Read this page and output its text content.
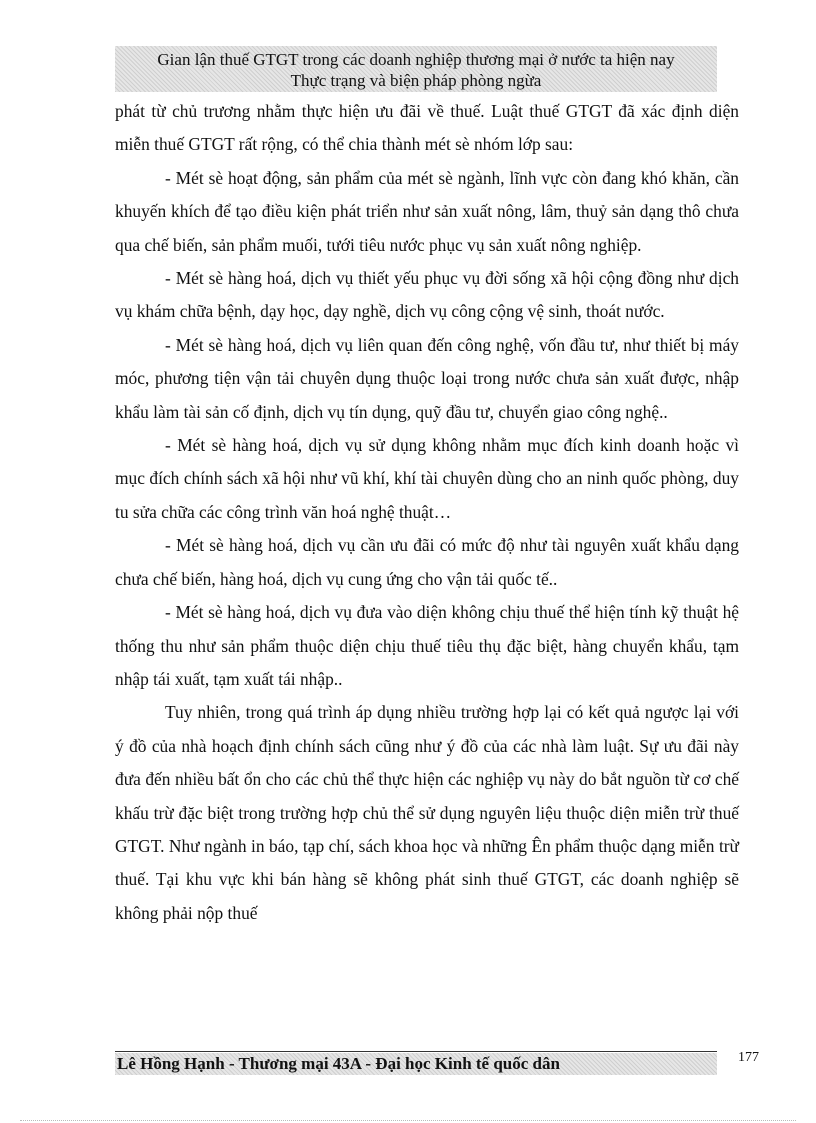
Gian lận thuế GTGT trong các doanh nghiệp thương mại ở nước ta hiện nay
Thực trạng và biện pháp phòng ngừa

phát từ chủ trương nhằm thực hiện ưu đãi về thuế. Luật thuế GTGT đã xác định diện miễn thuế GTGT rất rộng, có thể chia thành mét sè nhóm lớp sau:

- Mét sè hoạt động, sản phẩm của mét sè ngành, lĩnh vực còn đang khó khăn, cần khuyến khích để tạo điều kiện phát triển như sản xuất nông, lâm, thuỷ sản dạng thô chưa qua chế biến, sản phẩm muối, tưới tiêu nước phục vụ sản xuất nông nghiệp.

- Mét sè hàng hoá, dịch vụ thiết yếu phục vụ đời sống xã hội cộng đồng như dịch vụ khám chữa bệnh, dạy học, dạy nghề, dịch vụ công cộng vệ sinh, thoát nước.

- Mét sè hàng hoá, dịch vụ liên quan đến công nghệ, vốn đầu tư, như thiết bị máy móc, phương tiện vận tải chuyên dụng thuộc loại trong nước chưa sản xuất được, nhập khẩu làm tài sản cố định, dịch vụ tín dụng, quỹ đầu tư, chuyển giao công nghệ..

- Mét sè hàng hoá, dịch vụ sử dụng không nhằm mục đích kinh doanh hoặc vì mục đích chính sách xã hội như vũ khí, khí tài chuyên dùng cho an ninh quốc phòng, duy tu sửa chữa các công trình văn hoá nghệ thuật…

- Mét sè hàng hoá, dịch vụ cần ưu đãi có mức độ như tài nguyên xuất khẩu dạng chưa chế biến, hàng hoá, dịch vụ cung ứng cho vận tải quốc tế..

- Mét sè hàng hoá, dịch vụ đưa vào diện không chịu thuế thể hiện tính kỹ thuật hệ thống thu như sản phẩm thuộc diện chịu thuế tiêu thụ đặc biệt, hàng chuyển khẩu, tạm nhập tái xuất, tạm xuất tái nhập..

Tuy nhiên, trong quá trình áp dụng nhiều trường hợp lại có kết quả ngược lại với ý đồ của nhà hoạch định chính sách cũng như ý đồ của các nhà làm luật. Sự ưu đãi này đưa đến nhiều bất ổn cho các chủ thể thực hiện các nghiệp vụ này do bắt nguồn từ cơ chế khấu trừ đặc biệt trong trường hợp chủ thể sử dụng nguyên liệu thuộc diện miễn trừ thuế GTGT. Như ngành in báo, tạp chí, sách khoa học và những Ên phẩm thuộc dạng miễn trừ thuế. Tại khu vực khi bán hàng sẽ không phát sinh thuế GTGT, các doanh nghiệp sẽ không phải nộp thuế

Lê Hồng Hạnh - Thương mại 43A - Đại học Kinh tế quốc dân	177
